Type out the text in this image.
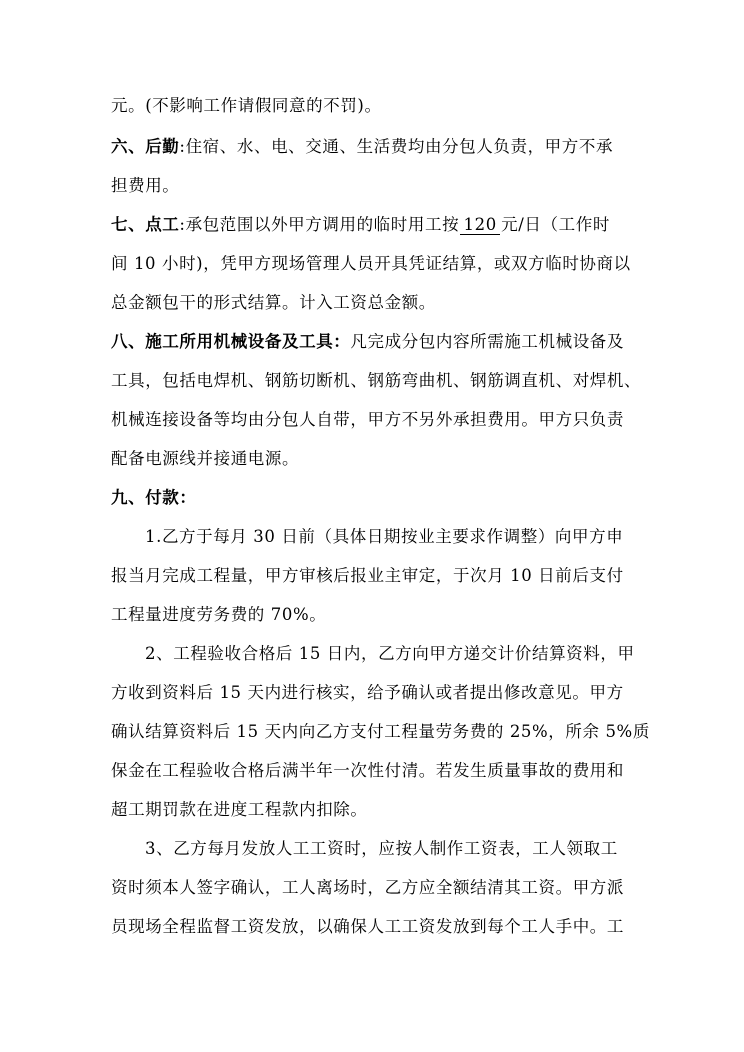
元。(不影响工作请假同意的不罚)。
六、后勤:住宿、水、电、交通、生活费均由分包人负责，甲方不承
担费用。
七、点工:承包范围以外甲方调用的临时用工按 120 元/日（工作时
间 10 小时)，凭甲方现场管理人员开具凭证结算，或双方临时协商以
总金额包干的形式结算。计入工资总金额。
八、施工所用机械设备及工具：凡完成分包内容所需施工机械设备及
工具，包括电焊机、钢筋切断机、钢筋弯曲机、钢筋调直机、对焊机、
机械连接设备等均由分包人自带，甲方不另外承担费用。甲方只负责
配备电源线并接通电源。
九、付款：
1.乙方于每月 30 日前（具体日期按业主要求作调整）向甲方申
报当月完成工程量，甲方审核后报业主审定，于次月 10 日前后支付
工程量进度劳务费的 70%。
2、工程验收合格后 15 日内，乙方向甲方递交计价结算资料，甲
方收到资料后 15 天内进行核实，给予确认或者提出修改意见。甲方
确认结算资料后 15 天内向乙方支付工程量劳务费的 25%，所余 5%质
保金在工程验收合格后满半年一次性付清。若发生质量事故的费用和
超工期罚款在进度工程款内扣除。
3、乙方每月发放人工工资时，应按人制作工资表，工人领取工
资时须本人签字确认，工人离场时，乙方应全额结清其工资。甲方派
员现场全程监督工资发放，以确保人工工资发放到每个工人手中。工
